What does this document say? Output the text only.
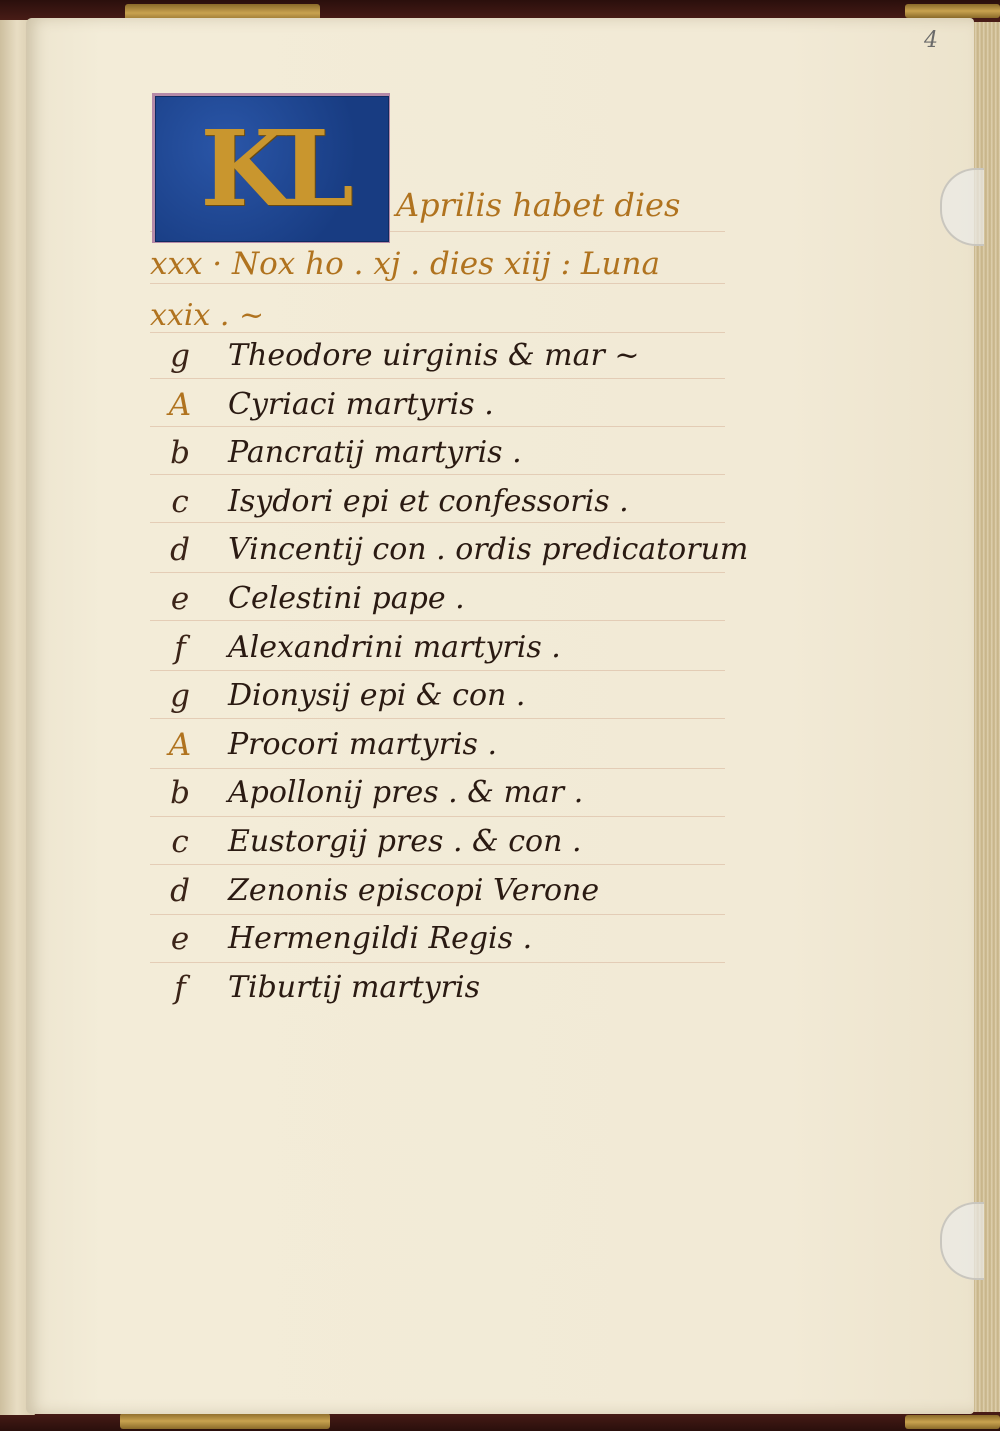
4
KL Aprilis habet dies
xxx · Nox ho . xj . dies xiij : Luna
xxix . ~
g	Theodore uirginis & mar ~
A Cyriaci martyris .
b	Pancratij martyris .
c	Isydori epi et confessoris .
d	Vincentij con . ordis predicatorum
e	Celestini pape .
f	Alexandrini martyris .
g	Dionysij epi & con .
A Procori martyris .
b	Apollonij pres . & mar .
c	Eustorgij pres . & con .
d	Zenonis episcopi Verone
e	Hermengildi Regis .
f	Tiburtij martyris
